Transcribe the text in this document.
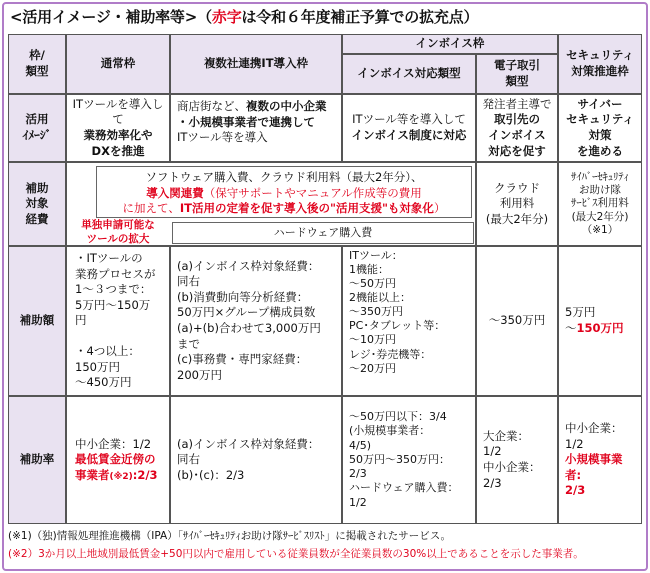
<活用イメージ・補助率等>（赤字は令和６年度補正予算での拡充点）
枠/
類型
通常枠	複数社連携IT導入枠
インボイス枠
インボイス対応類型
電子取引
類型
セキュリティ
対策推進枠
活用
ｲﾒｰｼﾞ
ITツールを導入して
業務効率化や
DXを推進
商店街など、複数の中小企業
・小規模事業者で連携して
ITツール等を導入
ITツール等を導入して
インボイス制度に対応
発注者主導で
取引先の
インボイス
対応を促す
サイバー
セキュリティ
対策
を進める
補助
対象
経費
ソフトウェア購入費、クラウド利用料（最大2年分）、
導入関連費（保守サポートやマニュアル作成等の費用
に加えて、IT活用の定着を促す導入後の"活用支援"も対象化）
単独申請可能な
ツールの拡大	ハードウェア購入費
クラウド
利用料
(最大2年分)
ｻｲﾊﾞｰｾｷｭﾘﾃｨ
お助け隊
ｻｰﾋﾞｽ利用料
(最大2年分)
（※1）
補助額
・ITツールの
業務プロセスが
1～３つまで：
5万円～150万円

・4つ以上：
150万円
～450万円
(a)インボイス枠対象経費：
同右
(b)消費動向等分析経費：
50万円×グループ構成員数
(a)+(b)合わせて3,000万円
まで
(c)事務費・専門家経費：
200万円
ITツール：
1機能：
～50万円
2機能以上：
～350万円
PC･タブレット等：
～10万円
レジ･券売機等：
～20万円
～350万円
5万円
～150万円
補助率
中小企業：1/2
最低賃金近傍の
事業者(※2):2/3
(a)インボイス枠対象経費：
同右
(b)･(c)：2/3
～50万円以下：3/4
(小規模事業者：
4/5)
50万円～350万円：
2/3
ハードウェア購入費：
1/2
大企業：
1/2
中小企業：
2/3
中小企業：
1/2
小規模事業者:
2/3
(※1)（独)情報処理推進機構（IPA）「ｻｲﾊﾞｰｾｷｭﾘﾃｨお助け隊ｻｰﾋﾞｽﾘｽﾄ」に掲載されたサービス。
(※2）3か月以上地域別最低賃金+50円以内で雇用している従業員数が全従業員数の30%以上であることを示した事業者。
